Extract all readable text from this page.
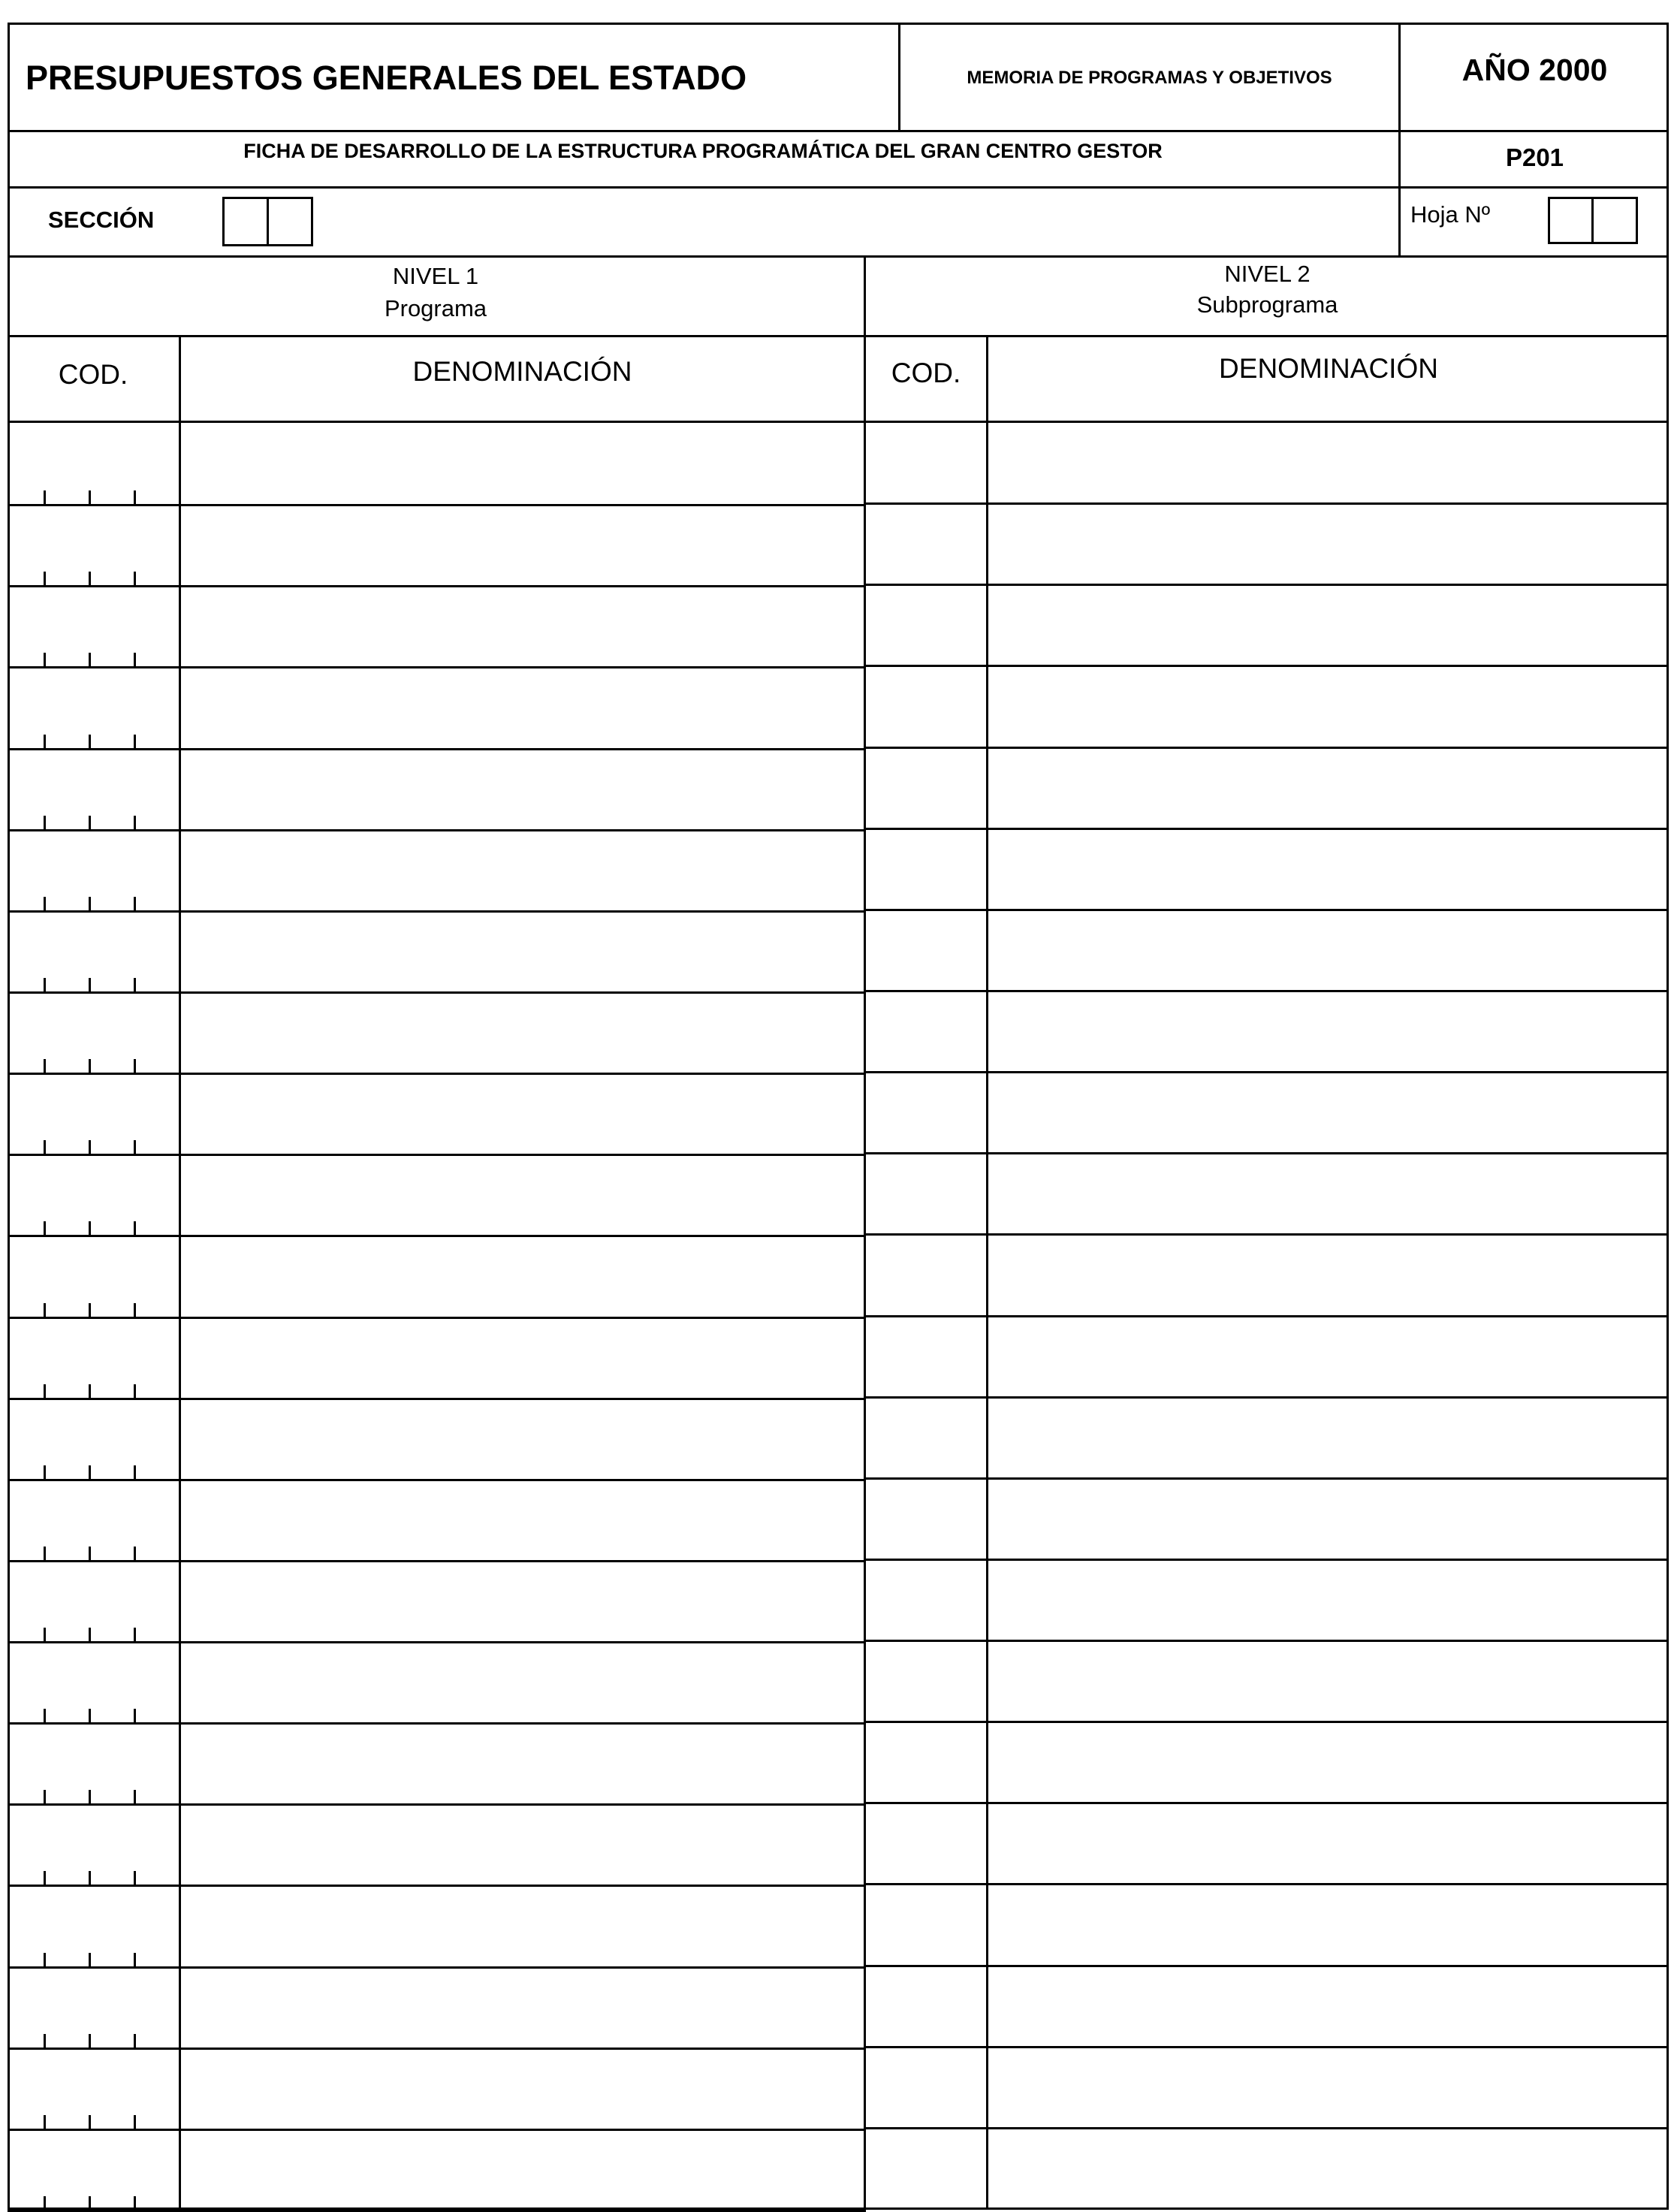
PRESUPUESTOS GENERALES DEL ESTADO	MEMORIA DE PROGRAMAS Y OBJETIVOS	AÑO 2000
FICHA DE DESARROLLO DE LA ESTRUCTURA PROGRAMÁTICA DEL GRAN CENTRO GESTOR	P201
SECCIÓN	Hoja Nº
NIVEL 1
Programa
NIVEL 2
Subprograma
COD.	DENOMINACIÓN	COD.	DENOMINACIÓN
